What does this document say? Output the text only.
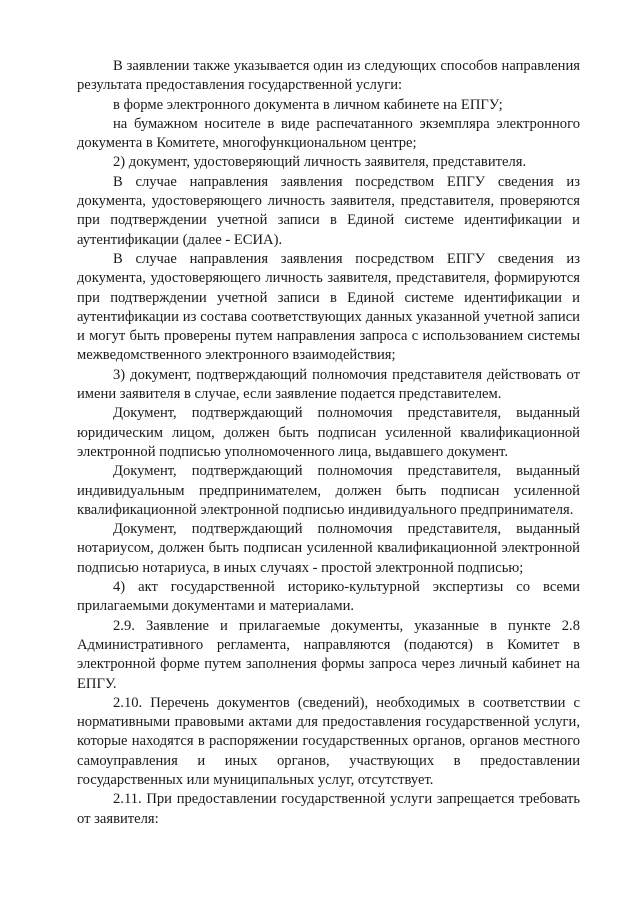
В заявлении также указывается один из следующих способов направления результата предоставления государственной услуги:

в форме электронного документа в личном кабинете на ЕПГУ;

на бумажном носителе в виде распечатанного экземпляра электронного документа в Комитете, многофункциональном центре;

2) документ, удостоверяющий личность заявителя, представителя.

В случае направления заявления посредством ЕПГУ сведения из документа, удостоверяющего личность заявителя, представителя, проверяются при подтверждении учетной записи в Единой системе идентификации и аутентификации (далее - ЕСИА).

В случае направления заявления посредством ЕПГУ сведения из документа, удостоверяющего личность заявителя, представителя, формируются при подтверждении учетной записи в Единой системе идентификации и аутентификации из состава соответствующих данных указанной учетной записи и могут быть проверены путем направления запроса с использованием системы межведомственного электронного взаимодействия;

3) документ, подтверждающий полномочия представителя действовать от имени заявителя в случае, если заявление подается представителем.

Документ, подтверждающий полномочия представителя, выданный юридическим лицом, должен быть подписан усиленной квалификационной электронной подписью уполномоченного лица, выдавшего документ.

Документ, подтверждающий полномочия представителя, выданный индивидуальным предпринимателем, должен быть подписан усиленной квалификационной электронной подписью индивидуального предпринимателя.

Документ, подтверждающий полномочия представителя, выданный нотариусом, должен быть подписан усиленной квалификационной электронной подписью нотариуса, в иных случаях - простой электронной подписью;

4) акт государственной историко-культурной экспертизы со всеми прилагаемыми документами и материалами.

2.9. Заявление и прилагаемые документы, указанные в пункте 2.8 Административного регламента, направляются (подаются) в Комитет в электронной форме путем заполнения формы запроса через личный кабинет на ЕПГУ.

2.10. Перечень документов (сведений), необходимых в соответствии с нормативными правовыми актами для предоставления государственной услуги, которые находятся в распоряжении государственных органов, органов местного самоуправления и иных органов, участвующих в предоставлении государственных или муниципальных услуг, отсутствует.

2.11. При предоставлении государственной услуги запрещается требовать от заявителя:
